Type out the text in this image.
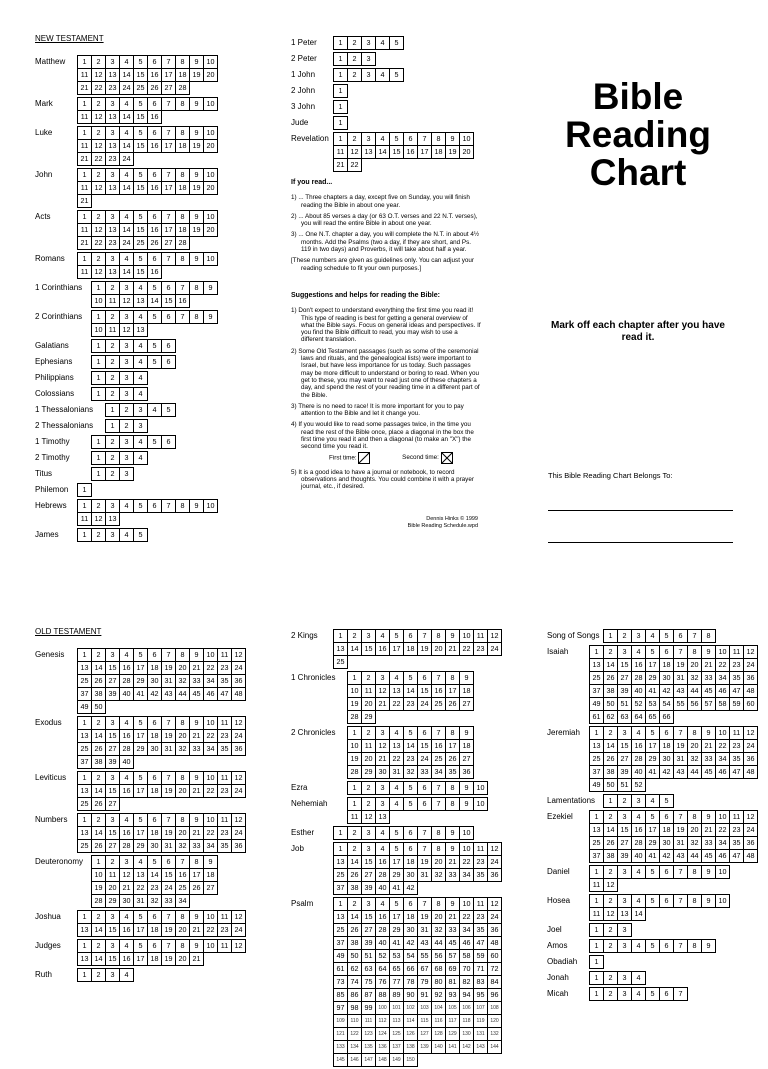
NEW TESTAMENT
Matthew	1	2	3	4	5	6	7	8	9	10
11 12 13 14 15 16 17 18 19 20
21 22 23 24 25 26 27 28
Mark	1	2	3	4	5	6	7	8	9	10
11 12 13 14 15 16
Luke	1	2	3	4	5	6	7	8	9	10
11 12 13 14 15 16 17 18 19 20
21 22 23 24
John	1	2	3	4	5	6	7	8	9	10
11 12 13 14 15 16 17 18 19 20
21
Acts	1	2	3	4	5	6	7	8	9	10
11 12 13 14 15 16 17 18 19 20
21 22 23 24 25 26 27 28
Romans	1	2	3	4	5	6	7	8	9	10
11 12 13 14 15 16
1 Corinthians	1	2	3	4	5	6	7	8	9
10 11 12 13 14 15 16
2 Corinthians	1	2	3	4	5	6	7	8	9
10 11 12 13
Galatians	1	2	3	4	5	6
Ephesians	1	2	3	4	5	6
Philippians	1	2	3	4
Colossians	1	2	3	4
1 Thessalonians	1	2	3	4	5
2 Thessalonians	1	2	3
1 Timothy	1	2	3	4	5	6
2 Timothy	1	2	3	4
Titus	1	2	3
Philemon	1
Hebrews	1	2	3	4	5	6	7	8	9	10
11 12 13
James	1	2	3	4	5
1 Peter	1	2	3	4	5
2 Peter	1	2	3
1 John	1	2	3	4	5
2 John	1
3 John	1
Jude	1
Revelation	1	2	3	4	5	6	7	8	9	10
11 12 13 14 15 16 17 18 19 20
21 22
If you read...

1) ... Three chapters a day, except five on Sunday, you will finish reading the Bible in about one year.

2) ... About 85 verses a day (or 63 O.T. verses and 22 N.T. verses), you will read the entire Bible in about one year.

3) ... One N.T. chapter a day, you will complete the N.T. in about 4½ months. Add the Psalms (two a day, if they are short, and Ps. 119 in two days) and Proverbs, it will take about half a year.

[These numbers are given as guidelines only. You can adjust your reading schedule to fit your own purposes.]

Suggestions and helps for reading the Bible:

1) Don't expect to understand everything the first time you read it! This type of reading is best for getting a general overview of what the Bible says. Focus on general ideas and perspectives. If you find the Bible difficult to read, you may wish to use a different translation.

2) Some Old Testament passages (such as some of the ceremonial laws and rituals, and the genealogical lists) were important to Israel, but have less importance for us today. Such passages may be more difficult to understand or boring to read. When you get to these, you may want to read just one of these chapters a day, and spend the rest of your reading time in a different part of the Bible.

3) There is no need to race! It is more important for you to pay attention to the Bible and let it change you.

4) If you would like to read some passages twice, in the time you read the rest of the Bible once, place a diagonal in the box the first time you read it and then a diagonal (to make an "X") the second time you read it.

First time:	Second time:

5) It is a good idea to have a journal or notebook, to record observations and thoughts. You could combine it with a prayer journal, etc., if desired.

Dennis Hinks © 1999
Bible Reading Schedule.wpd
Bible Reading Chart
Mark off each chapter after you have read it.
This Bible Reading Chart Belongs To:
OLD TESTAMENT
Genesis	1	2	3	4	5	6	7	8	9	10 11 12
13 14 15 16 17 18 19 20 21 22 23 24
25 26 27 28 29 30 31 32 33 34 35 36
37 38 39 40 41 42 43 44 45 46 47 48
49 50
Exodus	1	2	3	4	5	6	7	8	9	10 11 12
13 14 15 16 17 18 19 20 21 22 23 24
25 26 27 28 29 30 31 32 33 34 35 36
37 38 39 40
Leviticus	1	2	3	4	5	6	7	8	9	10 11 12
13 14 15 16 17 18 19 20 21 22 23 24
25 26 27
Numbers	1	2	3	4	5	6	7	8	9	10 11 12
13 14 15 16 17 18 19 20 21 22 23 24
25 26 27 28 29 30 31 32 33 34 35 36
Deuteronomy	1	2	3	4	5	6	7	8	9
10 11 12 13 14 15 16 17 18
19 20 21 22 23 24 25 26 27
28 29 30 31 32 33 34
Joshua	1	2	3	4	5	6	7	8	9	10 11 12
13 14 15 16 17 18 19 20 21 22 23 24
Judges	1	2	3	4	5	6	7	8	9	10 11 12
13 14 15 16 17 18 19 20 21
Ruth	1	2	3	4
2 Kings	1	2	3	4	5	6	7	8	9	10 11 12
13 14 15 16 17 18 19 20 21 22 23 24
25
1 Chronicles	1	2	3	4	5	6	7	8	9
10 11 12 13 14 15 16 17 18
19 20 21 22 23 24 25 26 27
28 29
2 Chronicles	1	2	3	4	5	6	7	8	9
10 11 12 13 14 15 16 17 18
19 20 21 22 23 24 25 26 27
28 29 30 31 32 33 34 35 36
Ezra	1	2	3	4	5	6	7	8	9	10
Nehemiah	1	2	3	4	5	6	7	8	9	10
11 12 13
Esther	1	2	3	4	5	6	7	8	9	10
Job	1	2	3	4	5	6	7	8	9	10 11 12
13 14 15 16 17 18 19 20 21 22 23 24
25 26 27 28 29 30 31 32 33 34 35 36
37 38 39 40 41 42
Psalm	1	2	3	4	5	6	7	8	9	10 11 12
13 14 15 16 17 18 19 20 21 22 23 24
25 26 27 28 29 30 31 32 33 34 35 36
37 38 39 40 41 42 43 44 45 46 47 48
49 50 51 52 53 54 55 56 57 58 59 60
61 62 63 64 65 66 67 68 69 70 71 72
73 74 75 76 77 78 79 80 81 82 83 84
85 86 87 88 89 90 91 92 93 94 95 96
97 98 99	100	101	102	103	104	105	106	107	108
109	110	111	112	113	114	115	116	117	118	119	120
121	122	123	124	125	126	127	128	129	130	131	132
133	134	135	136	137	138	139	140	141	142	143	144
145	146	147	148	149	150
Song of Songs	1	2	3	4	5	6	7	8
Isaiah	1	2	3	4	5	6	7	8	9	10 11 12
13 14 15 16 17 18 19 20 21 22 23 24
25 26 27 28 29 30 31 32 33 34 35 36
37 38 39 40 41 42 43 44 45 46 47 48
49 50 51 52 53 54 55 56 57 58 59 60
61 62 63 64 65 66
Jeremiah	1	2	3	4	5	6	7	8	9	10 11 12
13 14 15 16 17 18 19 20 21 22 23 24
25 26 27 28 29 30 31 32 33 34 35 36
37 38 39 40 41 42 43 44 45 46 47 48
49 50 51 52
Lamentations	1	2	3	4	5
Ezekiel	1	2	3	4	5	6	7	8	9	10 11 12
13 14 15 16 17 18 19 20 21 22 23 24
25 26 27 28 29 30 31 32 33 34 35 36
37 38 39 40 41 42 43 44 45 46 47 48
Daniel	1	2	3	4	5	6	7	8	9	10
11 12
Hosea	1	2	3	4	5	6	7	8	9	10
11 12 13 14
Joel	1	2	3
Amos	1	2	3	4	5	6	7	8	9
Obadiah	1
Jonah	1	2	3	4
Micah	1	2	3	4	5	6	7
